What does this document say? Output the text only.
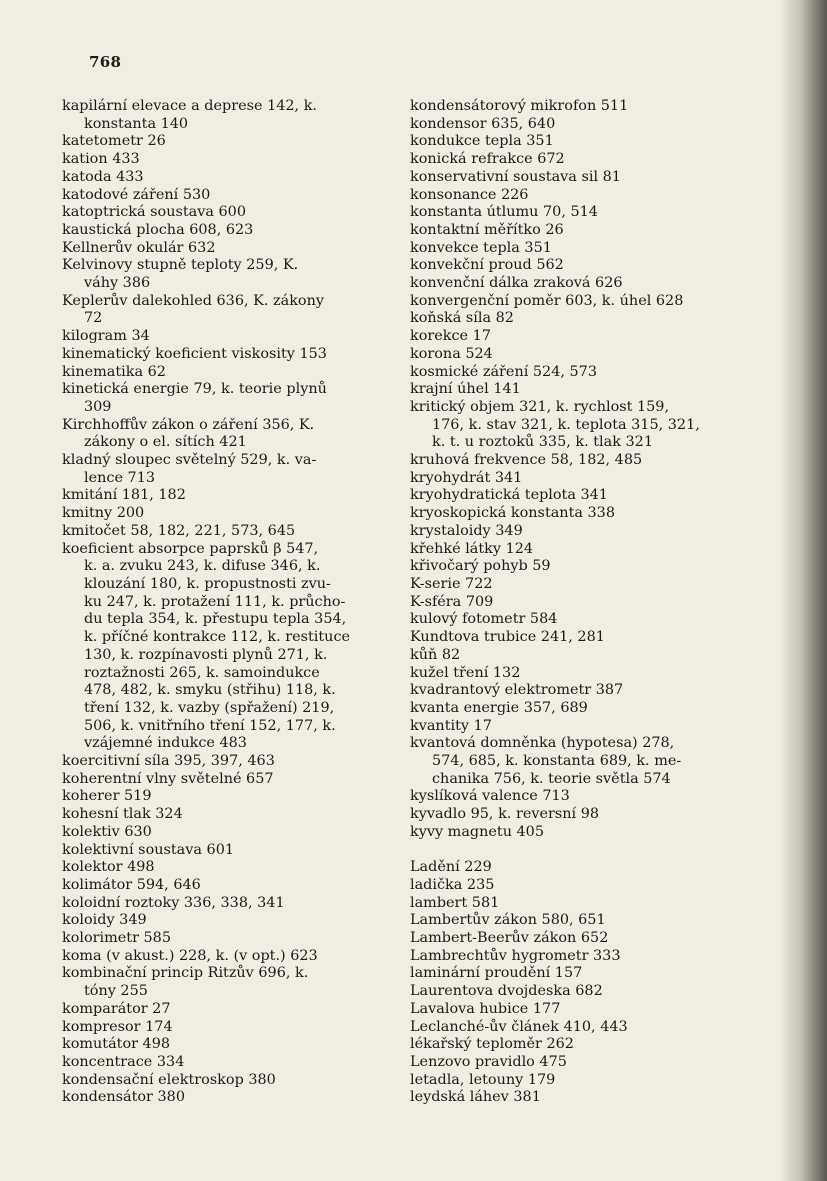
768
kapilární elevace a deprese 142, k.
konstanta 140
katetometr 26
kation 433
katoda 433
katodové záření 530
katoptrická soustava 600
kaustická plocha 608, 623
Kellnerův okulár 632
Kelvinovy stupně teploty 259, K.
váhy 386
Keplerův dalekohled 636, K. zákony
72
kilogram 34
kinematický koeficient viskosity 153
kinematika 62
kinetická energie 79, k. teorie plynů
309
Kirchhoffův zákon o záření 356, K.
zákony o el. sítích 421
kladný sloupec světelný 529, k. va-
lence 713
kmitání 181, 182
kmitny 200
kmitočet 58, 182, 221, 573, 645
koeficient absorpce paprsků β 547,
k. a. zvuku 243, k. difuse 346, k.
klouzání 180, k. propustnosti zvu-
ku 247, k. protažení 111, k. průcho-
du tepla 354, k. přestupu tepla 354,
k. příčné kontrakce 112, k. restituce
130, k. rozpínavosti plynů 271, k.
roztažnosti 265, k. samoindukce
478, 482, k. smyku (střihu) 118, k.
tření 132, k. vazby (spřažení) 219,
506, k. vnitřního tření 152, 177, k.
vzájemné indukce 483
koercitivní síla 395, 397, 463
koherentní vlny světelné 657
koherer 519
kohesní tlak 324
kolektiv 630
kolektivní soustava 601
kolektor 498
kolimátor 594, 646
koloidní roztoky 336, 338, 341
koloidy 349
kolorimetr 585
koma (v akust.) 228, k. (v opt.) 623
kombinační princip Ritzův 696, k.
tóny 255
komparátor 27
kompresor 174
komutátor 498
koncentrace 334
kondensační elektroskop 380
kondensátor 380
kondensátorový mikrofon 511
kondensor 635, 640
kondukce tepla 351
konická refrakce 672
konservativní soustava sil 81
konsonance 226
konstanta útlumu 70, 514
kontaktní měřítko 26
konvekce tepla 351
konvekční proud 562
konvenční dálka zraková 626
konvergenční poměr 603, k. úhel 628
koňská síla 82
korekce 17
korona 524
kosmické záření 524, 573
krajní úhel 141
kritický objem 321, k. rychlost 159,
176, k. stav 321, k. teplota 315, 321,
k. t. u roztoků 335, k. tlak 321
kruhová frekvence 58, 182, 485
kryohydrát 341
kryohydratická teplota 341
kryoskopická konstanta 338
krystaloidy 349
křehké látky 124
křivočarý pohyb 59
K-serie 722
K-sféra 709
kulový fotometr 584
Kundtova trubice 241, 281
kůň 82
kužel tření 132
kvadrantový elektrometr 387
kvanta energie 357, 689
kvantity 17
kvantová domněnka (hypotesa) 278,
574, 685, k. konstanta 689, k. me-
chanika 756, k. teorie světla 574
kyslíková valence 713
kyvadlo 95, k. reversní 98
kyvy magnetu 405
Ladění 229
ladička 235
lambert 581
Lambertův zákon 580, 651
Lambert-Beerův zákon 652
Lambrechtův hygrometr 333
laminární proudění 157
Laurentova dvojdeska 682
Lavalova hubice 177
Leclanché-ův článek 410, 443
lékařský teploměr 262
Lenzovo pravidlo 475
letadla, letouny 179
leydská láhev 381
